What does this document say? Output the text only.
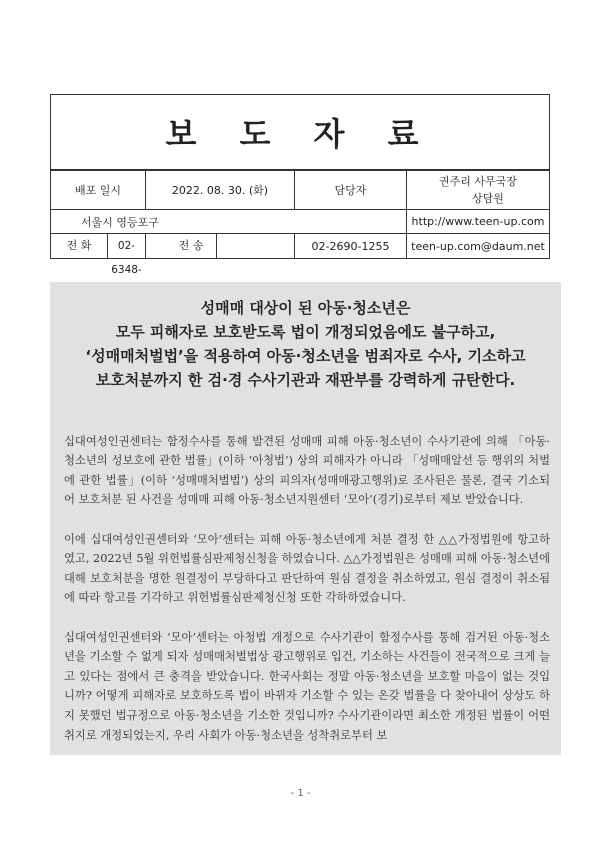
보 도 자 료
배포 일시	2022. 08. 30. (화)	담당자	권주리 사무국장
상담원

서울시 영등포구			http://www.teen-up.com

전 화 02-6348-	전 송	02-2690-1255	teen-up.com@daum.net
성매매 대상이 된 아동·청소년은
모두 피해자로 보호받도록 법이 개정되었음에도 불구하고,
‘성매매처벌법’을 적용하여 아동·청소년을 범죄자로 수사, 기소하고
보호처분까지 한 검·경 수사기관과 재판부를 강력하게 규탄한다.

십대여성인권센터는 함정수사를 통해 발견된 성매매 피해 아동·청소년이 수사기관에 의해 「아동·청소년의 성보호에 관한 법률」(이하 ‘아청법’) 상의 피해자가 아니라 「성매매알선 등 행위의 처벌에 관한 법률」(이하 ‘성매매처벌법’) 상의 피의자(성매매광고행위)로 조사된은 물론, 결국 기소되어 보호처분 된 사건을 성매매 피해 아동·청소년지원센터 ‘모아’(경기)로부터 제보 받았습니다.

이에 십대여성인권센터와 ‘모아’센터는 피해 아동·청소년에게 처분 결정 한 △△가정법원에 항고하였고, 2022년 5월 위헌법률심판제청신청을 하였습니다. △△가정법원은 성매매 피해 아동·청소년에 대해 보호처분을 명한 원결정이 부당하다고 판단하여 원심 결정을 취소하였고, 원심 결정이 취소됨에 따라 항고를 기각하고 위헌법률심판제청신청 또한 각하하였습니다.

십대여성인권센터와 ‘모아’센터는 아청법 개정으로 수사기관이 함정수사를 통해 검거된 아동·청소년을 기소할 수 없게 되자 성매매처벌법상 광고행위로 입건, 기소하는 사건들이 전국적으로 크게 늘고 있다는 점에서 큰 충격을 받았습니다. 한국사회는 정말 아동·청소년을 보호할 마음이 없는 것입니까? 어떻게 피해자로 보호하도록 법이 바뀌자 기소할 수 있는 온갖 법률을 다 찾아내어 상상도 하지 못했던 법규정으로 아동·청소년을 기소한 것입니까? 수사기관이라면 최소한 개정된 법률이 어떤 취지로 개정되었는지, 우리 사회가 아동·청소년을 성착취로부터 보

- 1 -
